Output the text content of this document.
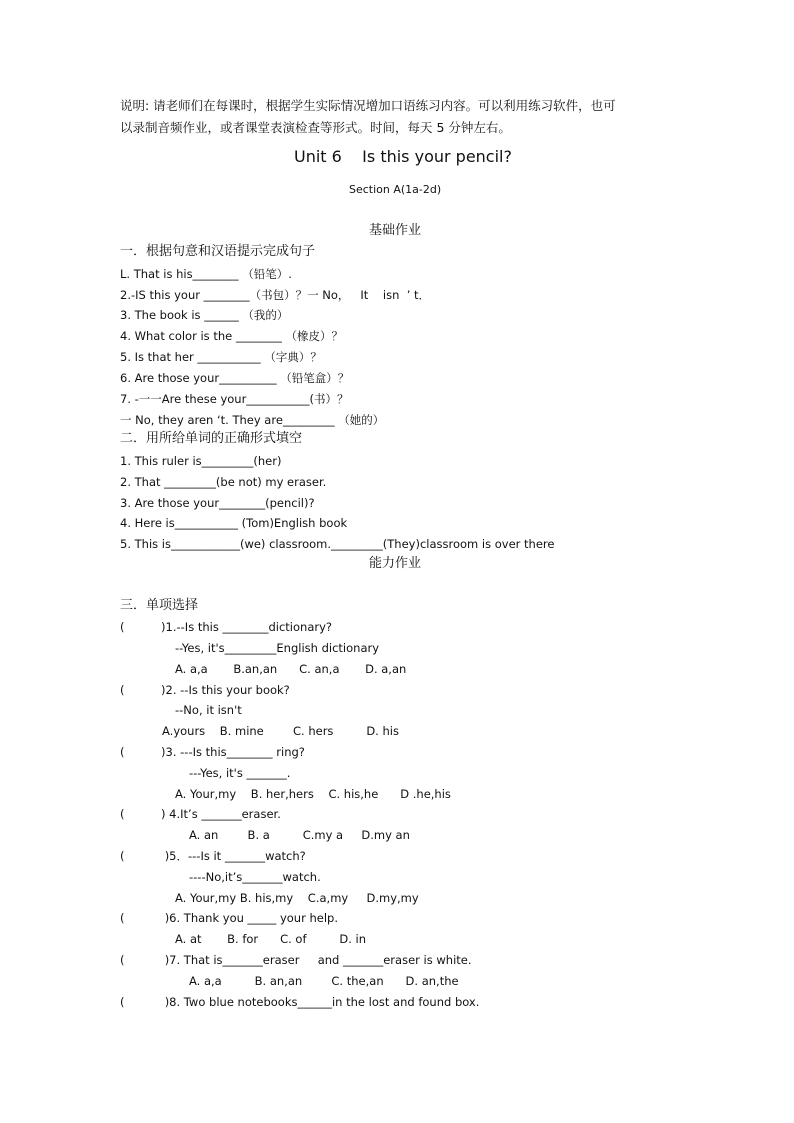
说明: 请老师们在每课时，根据学生实际情况增加口语练习内容。可以利用练习软件，也可
以录制音频作业，或者课堂表演检查等形式。时间，每天 5 分钟左右。
Unit 6    Is this your pencil?
Section A(1a-2d)
基础作业
一．根据句意和汉语提示完成句子
L. That is his________ （铅笔）.
2.-IS this your ________（书包）？一 No，   It    isn  ’ t．
3. The book is ______ （我的）
4. What color is the ________ （橡皮）？
5. Is that her ___________ （字典）？
6. Are those your__________ （铅笔盒）？
7. -一一Are these your___________(书）？
一 No, they aren ‘t. They are_________ （她的）
二．用所给单词的正确形式填空
1. This ruler is_________(her)
2. That _________(be not) my eraser.
3. Are those your________(pencil)?
4. Here is___________ (Tom)English book
5. This is____________(we) classroom._________(They)classroom is over there
能力作业
三．单项选择
(          )1.--Is this ________dictionary?
--Yes, it's_________English dictionary
A. a,a       B.an,an      C. an,a       D. a,an
(          )2. --Is this your book?
--No, it isn't
A.yours    B. mine        C. hers         D. his
(          )3. ---Is this________ ring?
---Yes, it's _______.
A. Your,my    B. her,hers    C. his,he      D .he,his
(          ) 4.It’s _______eraser.
A. an        B. a         C.my a     D.my an
(           )5．---Is it _______watch?
----No,it’s_______watch.
A. Your,my B. his,my    C.a,my     D.my,my
(           )6. Thank you _____ your help.
A. at       B. for      C. of         D. in
(           )7. That is_______eraser     and _______eraser is white.
A. a,a         B. an,an        C. the,an      D. an,the
(           )8. Two blue notebooks______in the lost and found box.
